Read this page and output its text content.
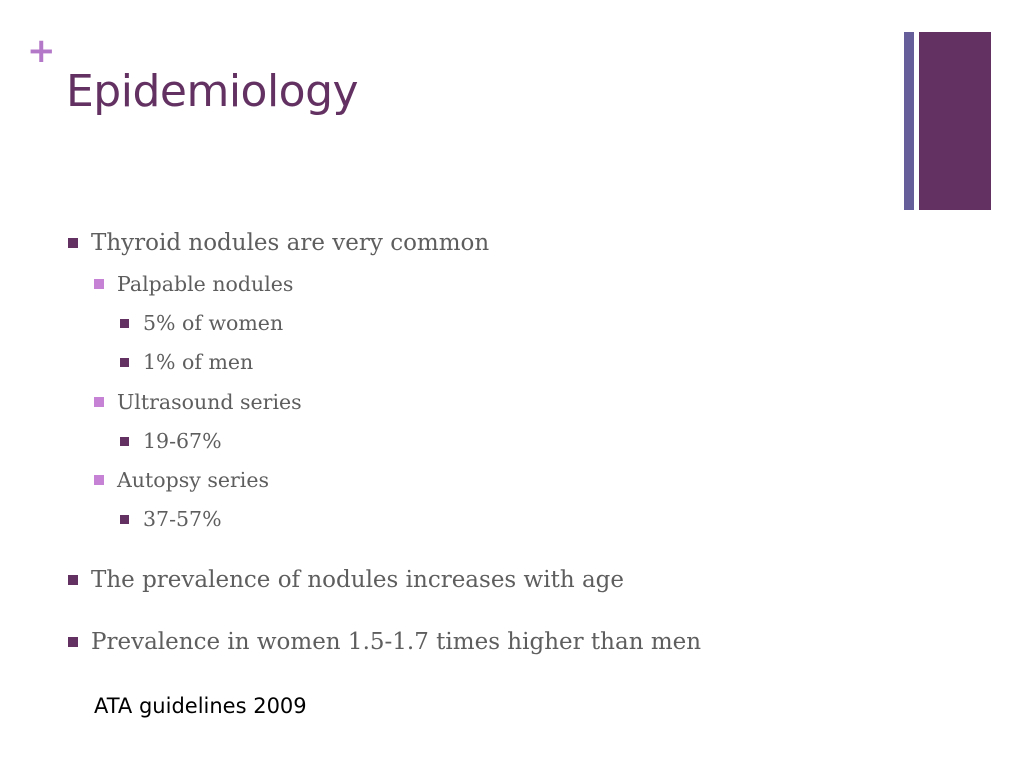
+
Epidemiology
Thyroid nodules are very common
Palpable nodules
5% of women
1% of men
Ultrasound series
19-67%
Autopsy series
37-57%
The prevalence of nodules increases with age
Prevalence in women 1.5-1.7 times higher than men
ATA guidelines 2009
